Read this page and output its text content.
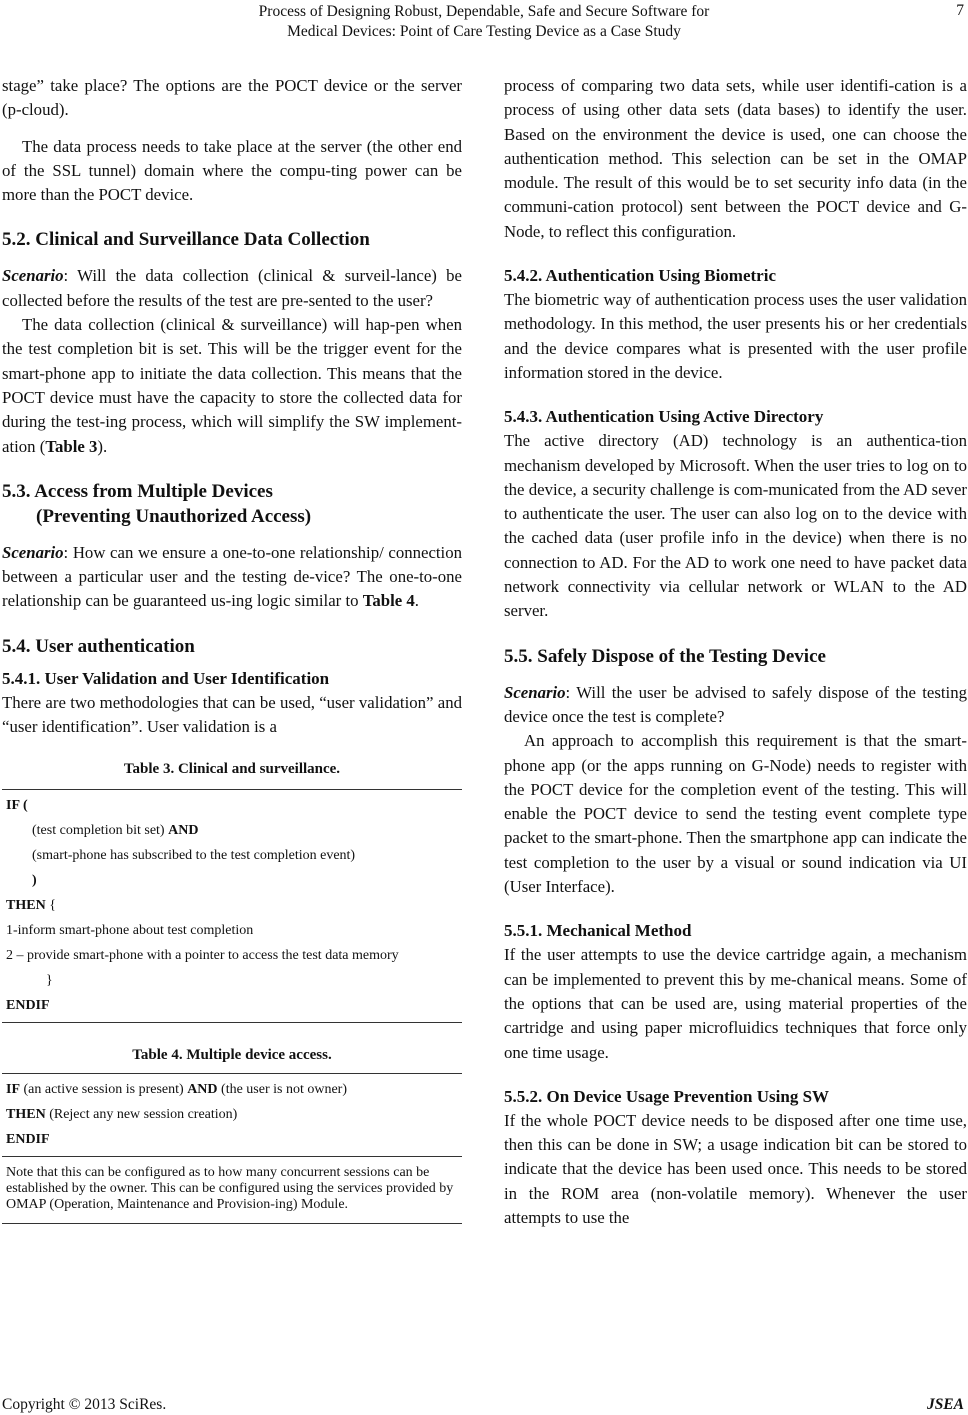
Process of Designing Robust, Dependable, Safe and Secure Software for
Medical Devices: Point of Care Testing Device as a Case Study
7

stage” take place? The options are the POCT device or the server (p-cloud).

The data process needs to take place at the server (the other end of the SSL tunnel) domain where the compu-ting power can be more than the POCT device.

5.2. Clinical and Surveillance Data Collection

Scenario: Will the data collection (clinical & surveil-lance) be collected before the results of the test are pre-sented to the user?

The data collection (clinical & surveillance) will hap-pen when the test completion bit is set. This will be the trigger event for the smart-phone app to initiate the data collection. This means that the POCT device must have the capacity to store the collected data for during the test-ing process, which will simplify the SW implement-ation (Table 3).

5.3. Access from Multiple Devices
(Preventing Unauthorized Access)

Scenario: How can we ensure a one-to-one relationship/ connection between a particular user and the testing de-vice? The one-to-one relationship can be guaranteed us-ing logic similar to Table 4.

5.4. User authentication
5.4.1. User Validation and User Identification

There are two methodologies that can be used, “user validation” and “user identification”. User validation is a

Table 3. Clinical and surveillance.
IF (
(test completion bit set) AND
(smart-phone has subscribed to the test completion event)
)
THEN {
1-inform smart-phone about test completion
2 – provide smart-phone with a pointer to access the test data memory
}
ENDIF
Table 4. Multiple device access.
IF (an active session is present) AND (the user is not owner)
THEN (Reject any new session creation)
ENDIF
Note that this can be configured as to how many concurrent sessions can be established by the owner. This can be configured using the services provided by OMAP (Operation, Maintenance and Provision-ing) Module.

process of comparing two data sets, while user identifi-cation is a process of using other data sets (data bases) to identify the user. Based on the environment the device is used, one can choose the authentication method. This selection can be set in the OMAP module. The result of this would be to set security info data (in the communi-cation protocol) sent between the POCT device and G-Node, to reflect this configuration.

5.4.2. Authentication Using Biometric

The biometric way of authentication process uses the user validation methodology. In this method, the user presents his or her credentials and the device compares what is presented with the user profile information stored in the device.

5.4.3. Authentication Using Active Directory

The active directory (AD) technology is an authentica-tion mechanism developed by Microsoft. When the user tries to log on to the device, a security challenge is com-municated from the AD sever to authenticate the user. The user can also log on to the device with the cached data (user profile info in the device) when there is no connection to AD. For the AD to work one need to have packet data network connectivity via cellular network or WLAN to the AD server.

5.5. Safely Dispose of the Testing Device

Scenario: Will the user be advised to safely dispose of the testing device once the test is complete?

An approach to accomplish this requirement is that the smart-phone app (or the apps running on G-Node) needs to register with the POCT device for the completion event of the testing. This will enable the POCT device to send the testing event complete type packet to the smart-phone. Then the smartphone app can indicate the test completion to the user by a visual or sound indication via UI (User Interface).

5.5.1. Mechanical Method

If the user attempts to use the device cartridge again, a mechanism can be implemented to prevent this by me-chanical means. Some of the options that can be used are, using material properties of the cartridge and using paper microfluidics techniques that force only one time usage.

5.5.2. On Device Usage Prevention Using SW

If the whole POCT device needs to be disposed after one time use, then this can be done in SW; a usage indication bit can be stored to indicate that the device has been used once. This needs to be stored in the ROM area (non-volatile memory). Whenever the user attempts to use the

Copyright © 2013 SciRes.	JSEA
